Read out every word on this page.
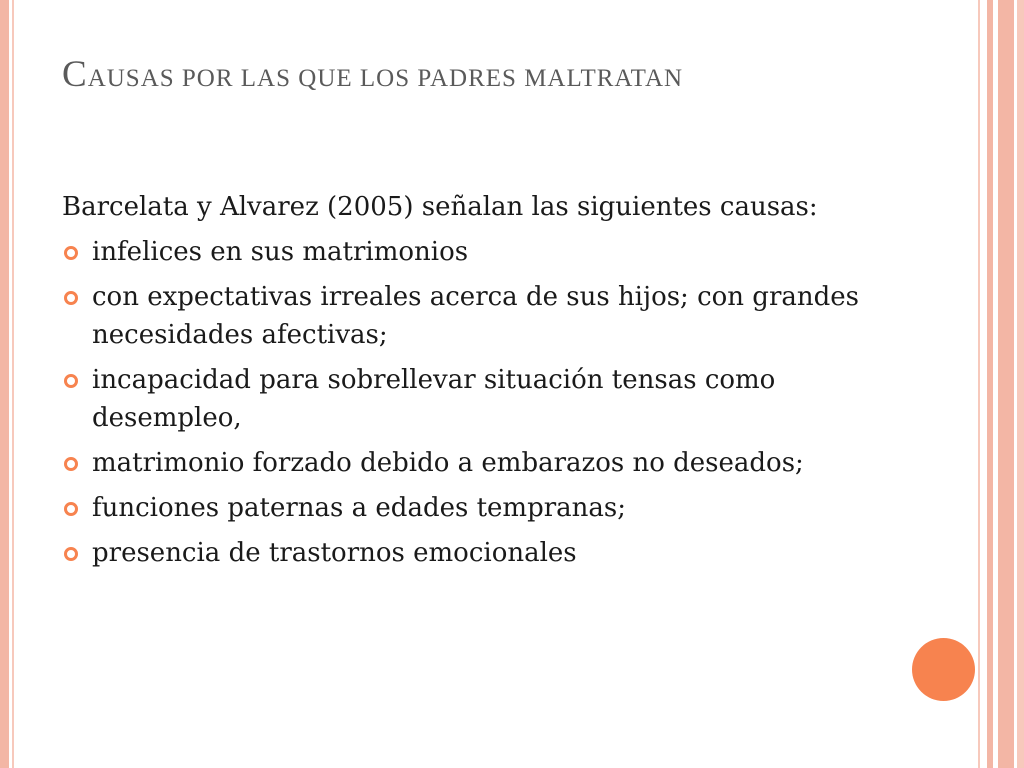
CAUSAS POR LAS QUE LOS PADRES MALTRATAN

Barcelata y Alvarez (2005) señalan las siguientes causas:

infelices en sus matrimonios
con expectativas irreales acerca de sus hijos; con grandes necesidades afectivas;
incapacidad para sobrellevar situación tensas como desempleo,
matrimonio forzado debido a embarazos no deseados;
funciones paternas a edades tempranas;
presencia de trastornos emocionales
